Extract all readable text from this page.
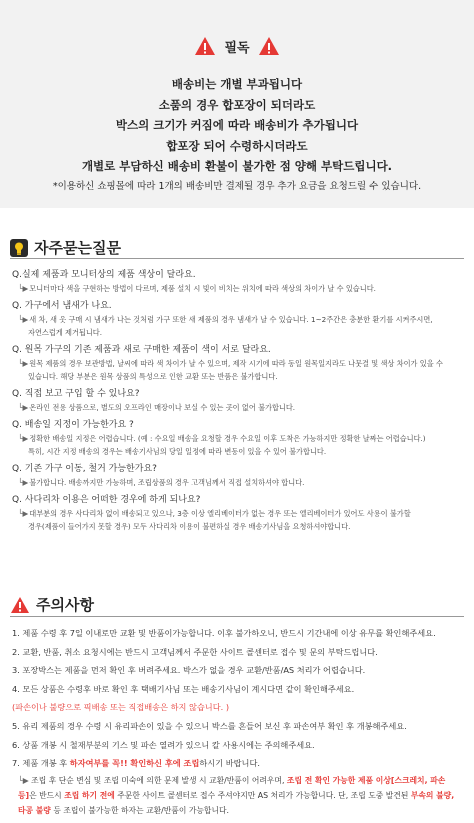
필독
배송비는 개별 부과됩니다
소품의 경우 합포장이 되더라도
박스의 크기가 커짐에 따라 배송비가 추가됩니다
합포장 되어 수령하시더라도
개별로 부담하신 배송비 환불이 불가한 점 양해 부탁드립니다.
*이용하신 쇼핑몰에 따라 1개의 배송비만 결제될 경우 추가 요금을 요청드릴 수 있습니다.
자주묻는질문
Q.실제 제품과 모니터상의 제품 색상이 달라요.
└▶모니터마다 색을 구현하는 방법이 다르며, 제품 설치 시 빛이 비치는 위치에 따라 색상의 차이가 날 수 있습니다.
Q. 가구에서 냄새가 나요.
└▶새 차, 새 옷 구매 시 냄새가 나는 것처럼 가구 또한 새 제품의 경우 냄새가 날 수 있습니다. 1~2주간은 충분한 환기를 시켜주시면,
자연스럽게 제거됩니다.
Q. 원목 가구의 기존 제품과 새로 구매한 제품이 색이 서로 달라요.
└▶원목 제품의 경우 보관방법, 날씨에 따라 색 차이가 날 수 있으며, 제작 시기에 따라 동일 원목일지라도 나뭇결 및 색상 차이가 있을 수
있습니다. 해당 부분은 원목 상품의 특성으로 인한 교환 또는 반품은 불가합니다.
Q. 직접 보고 구입 할 수 있나요?
└▶온라인 전용 상품으로, 별도의 오프라인 매장이나 보실 수 있는 곳이 없어 불가합니다.
Q. 배송일 지정이 가능한가요 ?
└▶정확한 배송일 지정은 어렵습니다. (예 : 수요일 배송을 요청할 경우 수요일 이후 도착은 가능하지만 정확한 날짜는 어렵습니다.)
특히, 시간 지정 배송의 경우는 배송기사님의 당일 일정에 따라 변동이 있을 수 있어 불가합니다.
Q. 기존 가구 이동, 철거 가능한가요?
└▶불가합니다. 배송까지만 가능하며, 조립상품의 경우 고객님께서 직접 설치하셔야 합니다.
Q. 사다리차 이용은 어떠한 경우에 하게 되나요?
└▶대부분의 경우 사다리차 없이 배송되고 있으나, 3층 이상 엘리베이터가 없는 경우 또는 엘리베이터가 있어도 사용이 불가할
경우(제품이 들어가지 못할 경우) 모두 사다리차 이용이 불편하실 경우 배송기사님을 요청하셔야합니다.
주의사항
1. 제품 수령 후 7일 이내로만 교환 및 반품이가능합니다. 이후 불가하오니, 반드시 기간내에 이상 유무를 확인해주세요.
2. 교환, 반품, 취소 요청시에는 반드시 고객님께서 주문한 사이트 콜센터로 접수 및 문의 부탁드립니다.
3. 포장박스는 제품을 먼저 확인 후 버려주세요. 박스가 없을 경우 교환/반품/AS 처리가 어렵습니다.
4. 모든 상품은 수령후 바로 확인 후 택배기사님 또는 배송기사님이 계시다면 같이 확인해주세요.
(파손이나 불량으로 픽배송 또는 직접배송은 하지 않습니다. )
5. 유리 제품의 경우 수령 시 유리파손이 있을 수 있으니 박스를 흔들어 보신 후 파손여부 확인 후 개봉해주세요.
6. 상품 개봉 시 철재부분의 기스 및 파손 열려가 있으니 칼 사용시에는 주의해주세요.
7. 제품 개봉 후 하자여부를 꼭!! 확인하신 후에 조립하시기 바랍니다.
└▶ 조립 후 단순 변심 및 조립 미숙에 의한 문제 발생 시 교환/반품이 어려우며, 조립 전 확인 가능한 제품 이상[스크레치, 파손
등]은 반드시 조립 하기 전에 주문한 사이트 콜센터로 접수 주셔야지만 AS 처리가 가능합니다. 단, 조립 도중 발견된 부속의 불량,
타공 불량 등 조립이 불가능한 하자는 교환/반품이 가능합니다.
